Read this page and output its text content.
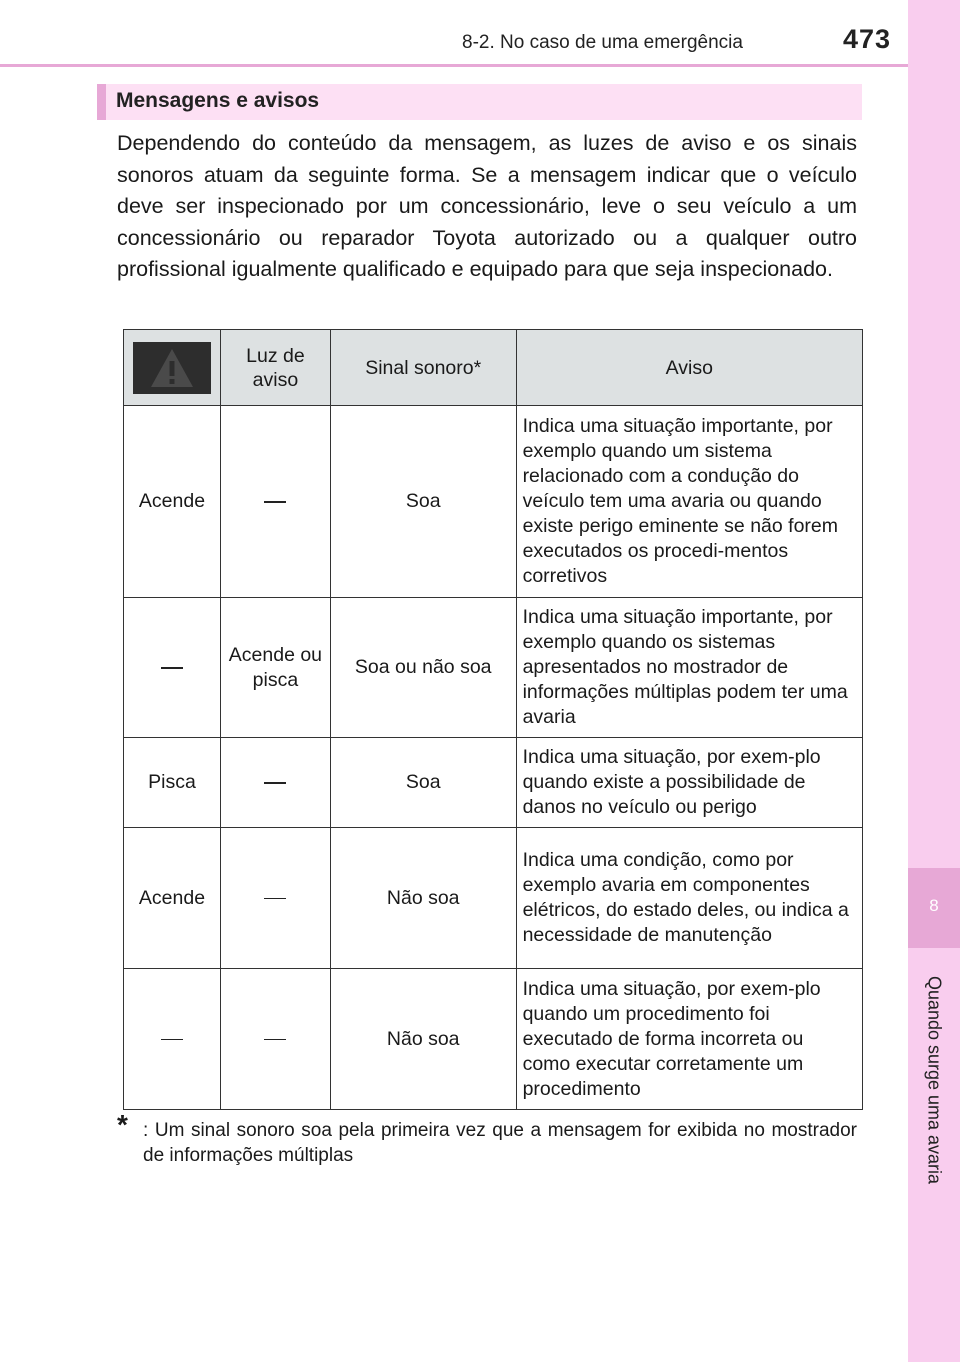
8-2. No caso de uma emergência	473
8
Quando surge uma avaria
Mensagens e avisos

Dependendo do conteúdo da mensagem, as luzes de aviso e os sinais sonoros atuam da seguinte forma. Se a mensagem indicar que o veículo deve ser inspecionado por um concessionário, leve o seu veículo a um concessionário ou reparador Toyota autorizado ou a qualquer outro profissional igualmente qualificado e equipado para que seja inspecionado.

	Luz de aviso	Sinal sonoro*	Aviso
Acende		Soa	Indica uma situação importante, por exemplo quando um sistema relacionado com a condução do veículo tem uma avaria ou quando existe perigo eminente se não forem executados os procedi-mentos corretivos
	Acende ou pisca	Soa ou não soa	Indica uma situação importante, por exemplo quando os sistemas apresentados no mostrador de informações múltiplas podem ter uma avaria
Pisca		Soa	Indica uma situação, por exem-plo quando existe a possibilidade de danos no veículo ou perigo
Acende		Não soa	Indica uma condição, como por exemplo avaria em componentes elétricos, do estado deles, ou indica a necessidade de manutenção
		Não soa	Indica uma situação, por exem-plo quando um procedimento foi executado de forma incorreta ou como executar corretamente um procedimento
* : Um sinal sonoro soa pela primeira vez que a mensagem for exibida no mostrador de informações múltiplas
